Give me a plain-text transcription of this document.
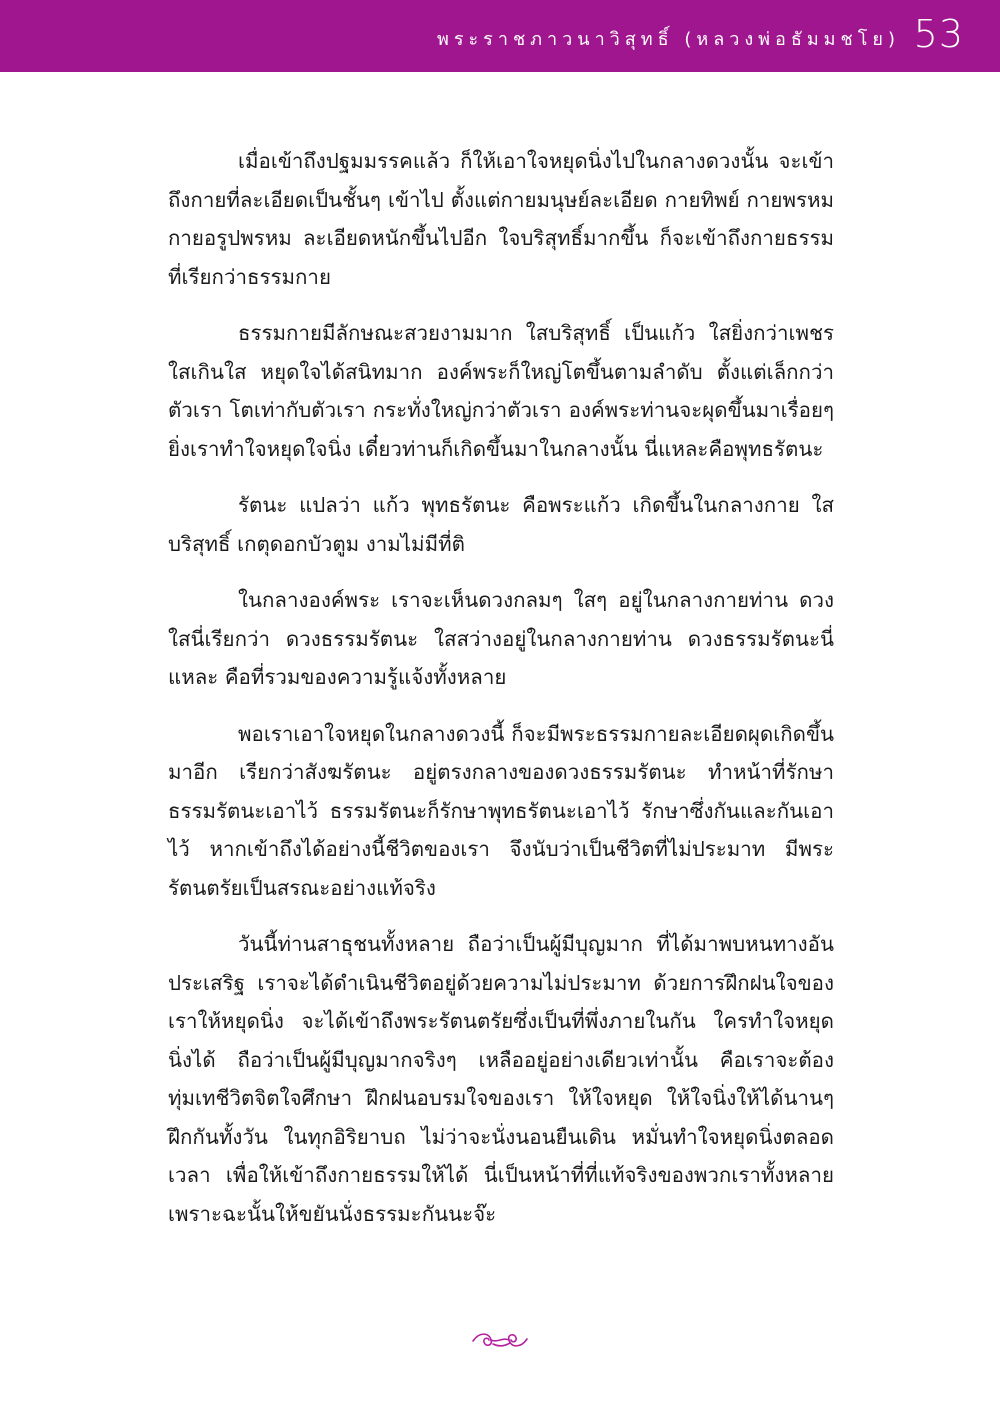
พระราชภาวนาวิสุทธิ์ (หลวงพ่อธัมมชโย) 53

เมื่อเข้าถึงปฐมมรรคแล้ว ก็ให้เอาใจหยุดนิ่งไปในกลางดวงนั้น จะเข้าถึงกายที่ละเอียดเป็นชั้นๆ เข้าไป ตั้งแต่กายมนุษย์ละเอียด กายทิพย์ กายพรหม กายอรูปพรหม ละเอียดหนักขึ้นไปอีก ใจบริสุทธิ์มากขึ้น ก็จะเข้าถึงกายธรรม ที่เรียกว่าธรรมกาย

ธรรมกายมีลักษณะสวยงามมาก ใสบริสุทธิ์ เป็นแก้ว ใสยิ่งกว่าเพชร ใสเกินใส หยุดใจได้สนิทมาก องค์พระก็ใหญ่โตขึ้นตามลำดับ ตั้งแต่เล็กกว่าตัวเรา โตเท่ากับตัวเรา กระทั่งใหญ่กว่าตัวเรา องค์พระท่านจะผุดขึ้นมาเรื่อยๆ ยิ่งเราทำใจหยุดใจนิ่ง เดี๋ยวท่านก็เกิดขึ้นมาในกลางนั้น นี่แหละคือพุทธรัตนะ

รัตนะ แปลว่า แก้ว พุทธรัตนะ คือพระแก้ว เกิดขึ้นในกลางกาย ใสบริสุทธิ์ เกตุดอกบัวตูม งามไม่มีที่ติ

ในกลางองค์พระ เราจะเห็นดวงกลมๆ ใสๆ อยู่ในกลางกายท่าน ดวงใสนี่เรียกว่า ดวงธรรมรัตนะ ใสสว่างอยู่ในกลางกายท่าน ดวงธรรมรัตนะนี่แหละ คือที่รวมของความรู้แจ้งทั้งหลาย

พอเราเอาใจหยุดในกลางดวงนี้ ก็จะมีพระธรรมกายละเอียดผุดเกิดขึ้นมาอีก เรียกว่าสังฆรัตนะ อยู่ตรงกลางของดวงธรรมรัตนะ ทำหน้าที่รักษาธรรมรัตนะเอาไว้ ธรรมรัตนะก็รักษาพุทธรัตนะเอาไว้ รักษาซึ่งกันและกันเอาไว้ หากเข้าถึงได้อย่างนี้ชีวิตของเรา จึงนับว่าเป็นชีวิตที่ไม่ประมาท มีพระรัตนตรัยเป็นสรณะอย่างแท้จริง

วันนี้ท่านสาธุชนทั้งหลาย ถือว่าเป็นผู้มีบุญมาก ที่ได้มาพบหนทางอันประเสริฐ เราจะได้ดำเนินชีวิตอยู่ด้วยความไม่ประมาท ด้วยการฝึกฝนใจของเราให้หยุดนิ่ง จะได้เข้าถึงพระรัตนตรัยซึ่งเป็นที่พึ่งภายในกัน ใครทำใจหยุดนิ่งได้ ถือว่าเป็นผู้มีบุญมากจริงๆ เหลืออยู่อย่างเดียวเท่านั้น คือเราจะต้องทุ่มเทชีวิตจิตใจศึกษา ฝึกฝนอบรมใจของเรา ให้ใจหยุด ให้ใจนิ่งให้ได้นานๆ ฝึกกันทั้งวัน ในทุกอิริยาบถ ไม่ว่าจะนั่งนอนยืนเดิน หมั่นทำใจหยุดนิ่งตลอดเวลา เพื่อให้เข้าถึงกายธรรมให้ได้ นี่เป็นหน้าที่ที่แท้จริงของพวกเราทั้งหลาย เพราะฉะนั้นให้ขยันนั่งธรรมะกันนะจ๊ะ
